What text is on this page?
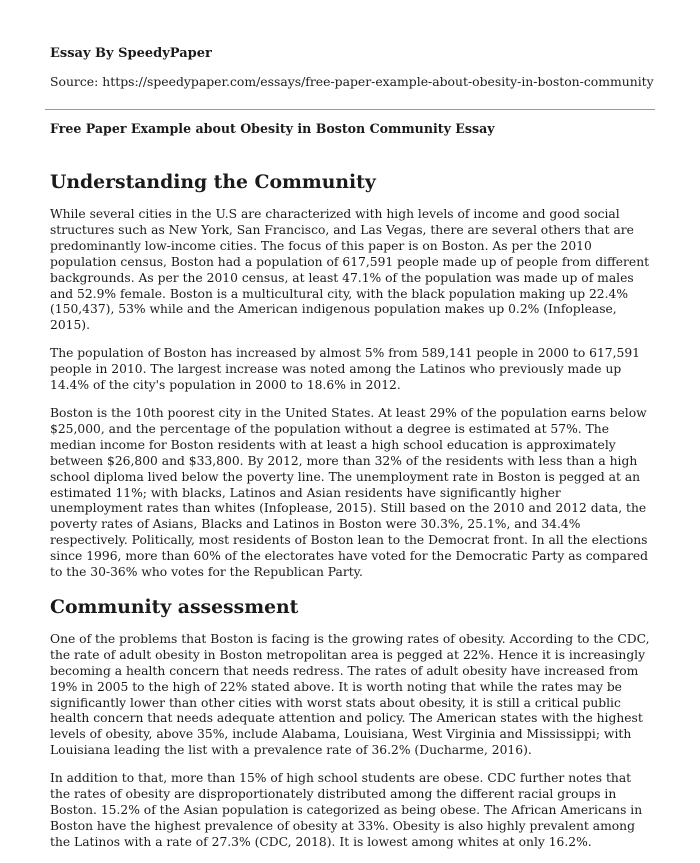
Essay By SpeedyPaper
Source: https://speedypaper.com/essays/free-paper-example-about-obesity-in-boston-community
Free Paper Example about Obesity in Boston Community Essay
Understanding the Community

While several cities in the U.S are characterized with high levels of income and good social structures such as New York, San Francisco, and Las Vegas, there are several others that are predominantly low-income cities. The focus of this paper is on Boston. As per the 2010 population census, Boston had a population of 617,591 people made up of people from different backgrounds. As per the 2010 census, at least 47.1% of the population was made up of males and 52.9% female. Boston is a multicultural city, with the black population making up 22.4% (150,437), 53% while and the American indigenous population makes up 0.2% (Infoplease, 2015).

The population of Boston has increased by almost 5% from 589,141 people in 2000 to 617,591 people in 2010. The largest increase was noted among the Latinos who previously made up 14.4% of the city's population in 2000 to 18.6% in 2012.

Boston is the 10th poorest city in the United States. At least 29% of the population earns below $25,000, and the percentage of the population without a degree is estimated at 57%. The median income for Boston residents with at least a high school education is approximately between $26,800 and $33,800. By 2012, more than 32% of the residents with less than a high school diploma lived below the poverty line. The unemployment rate in Boston is pegged at an estimated 11%; with blacks, Latinos and Asian residents have significantly higher unemployment rates than whites (Infoplease, 2015). Still based on the 2010 and 2012 data, the poverty rates of Asians, Blacks and Latinos in Boston were 30.3%, 25.1%, and 34.4% respectively. Politically, most residents of Boston lean to the Democrat front. In all the elections since 1996, more than 60% of the electorates have voted for the Democratic Party as compared to the 30-36% who votes for the Republican Party.

Community assessment

One of the problems that Boston is facing is the growing rates of obesity. According to the CDC, the rate of adult obesity in Boston metropolitan area is pegged at 22%. Hence it is increasingly becoming a health concern that needs redress. The rates of adult obesity have increased from 19% in 2005 to the high of 22% stated above. It is worth noting that while the rates may be significantly lower than other cities with worst stats about obesity, it is still a critical public health concern that needs adequate attention and policy. The American states with the highest levels of obesity, above 35%, include Alabama, Louisiana, West Virginia and Mississippi; with Louisiana leading the list with a prevalence rate of 36.2% (Ducharme, 2016).

In addition to that, more than 15% of high school students are obese. CDC further notes that the rates of obesity are disproportionately distributed among the different racial groups in Boston. 15.2% of the Asian population is categorized as being obese. The African Americans in Boston have the highest prevalence of obesity at 33%. Obesity is also highly prevalent among the Latinos with a rate of 27.3% (CDC, 2018). It is lowest among whites at only 16.2%.
